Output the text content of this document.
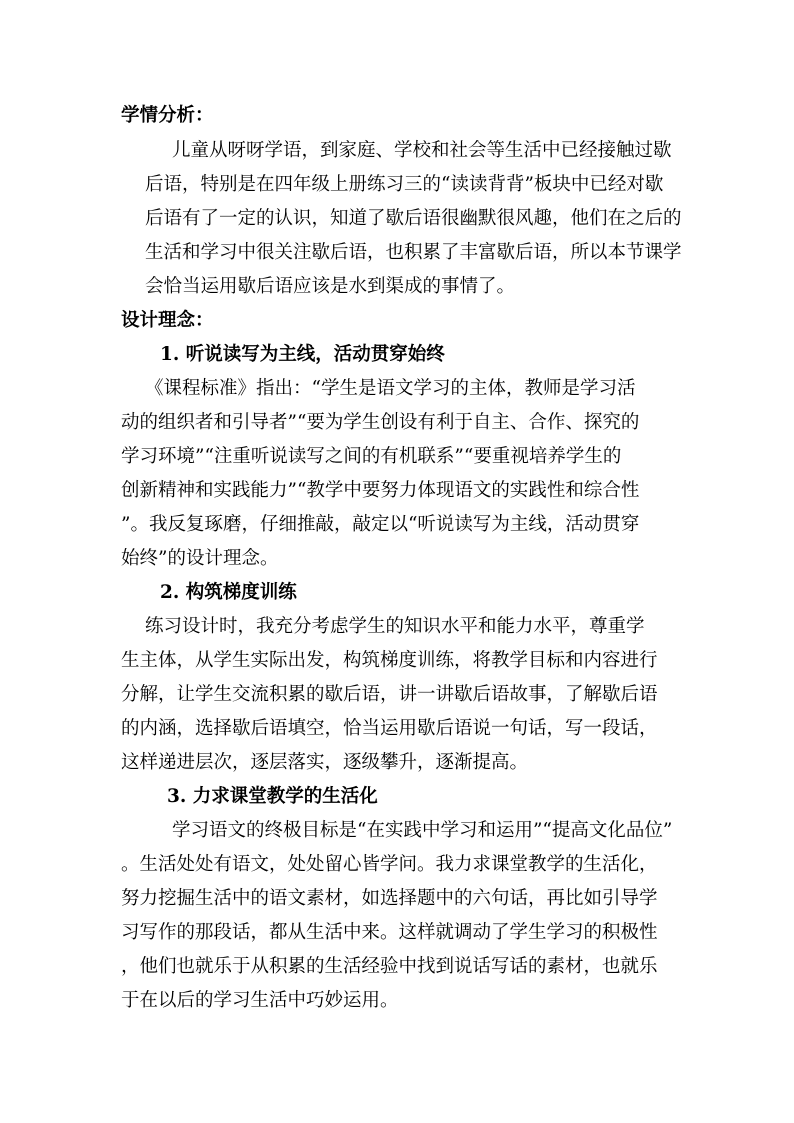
学情分析：

儿童从呀呀学语，到家庭、学校和社会等生活中已经接触过歇

后语，特别是在四年级上册练习三的“读读背背”板块中已经对歇

后语有了一定的认识，知道了歇后语很幽默很风趣，他们在之后的

生活和学习中很关注歇后语，也积累了丰富歇后语，所以本节课学

会恰当运用歇后语应该是水到渠成的事情了。

设计理念：

1. 听说读写为主线，活动贯穿始终

《课程标准》指出：“学生是语文学习的主体，教师是学习活

动的组织者和引导者”“要为学生创设有利于自主、合作、探究的

学习环境”“注重听说读写之间的有机联系”“要重视培养学生的

创新精神和实践能力”“教学中要努力体现语文的实践性和综合性

”。我反复琢磨，仔细推敲，敲定以“听说读写为主线，活动贯穿

始终”的设计理念。

2. 构筑梯度训练

练习设计时，我充分考虑学生的知识水平和能力水平，尊重学

生主体，从学生实际出发，构筑梯度训练，将教学目标和内容进行

分解，让学生交流积累的歇后语，讲一讲歇后语故事，了解歇后语

的内涵，选择歇后语填空，恰当运用歇后语说一句话，写一段话，

这样递进层次，逐层落实，逐级攀升，逐渐提高。

3. 力求课堂教学的生活化

学习语文的终极目标是“在实践中学习和运用”“提高文化品位”

。生活处处有语文，处处留心皆学问。我力求课堂教学的生活化，

努力挖掘生活中的语文素材，如选择题中的六句话，再比如引导学

习写作的那段话，都从生活中来。这样就调动了学生学习的积极性

，他们也就乐于从积累的生活经验中找到说话写话的素材，也就乐

于在以后的学习生活中巧妙运用。
